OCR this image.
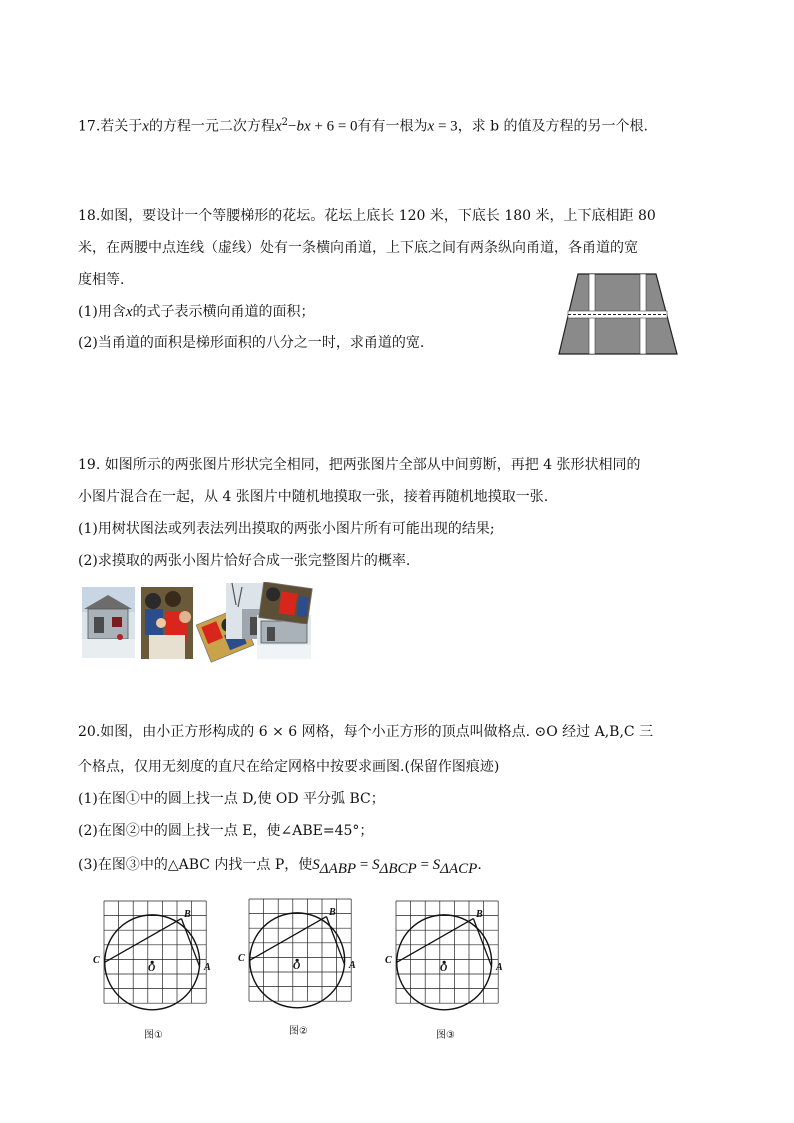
17.若关于x的方程一元二次方程$x^2-bx + 6 = 0$有有一根为x = 3，求 b 的值及方程的另一个根.
18.如图，要设计一个等腰梯形的花坛。花坛上底长 120 米，下底长 180 米，上下底相距 80
米，在两腰中点连线（虚线）处有一条横向甬道，上下底之间有两条纵向甬道，各甬道的宽
度相等.
(1)用含x的式子表示横向甬道的面积；
(2)当甬道的面积是梯形面积的八分之一时，求甬道的宽.
19. 如图所示的两张图片形状完全相同，把两张图片全部从中间剪断，再把 4 张形状相同的
小图片混合在一起，从 4 张图片中随机地摸取一张，接着再随机地摸取一张.
(1)用树状图法或列表法列出摸取的两张小图片所有可能出现的结果;
(2)求摸取的两张小图片恰好合成一张完整图片的概率.
20.如图，由小正方形构成的 6 × 6 网格，每个小正方形的顶点叫做格点. ⊙O 经过 A,B,C 三
个格点，仅用无刻度的直尺在给定网格中按要求画图.(保留作图痕迹)
(1)在图①中的圆上找一点 D,使 OD 平分弧 BC；
(2)在图②中的圆上找一点 E，使∠ABE=45°；
(3)在图③中的△ABC 内找一点 P，使$S_{\Delta ABP} = S_{\Delta BCP} = S_{\Delta ACP}$.
B
A
C
O
图①
B
A
C
O
图②
B
A
C
O
图③
